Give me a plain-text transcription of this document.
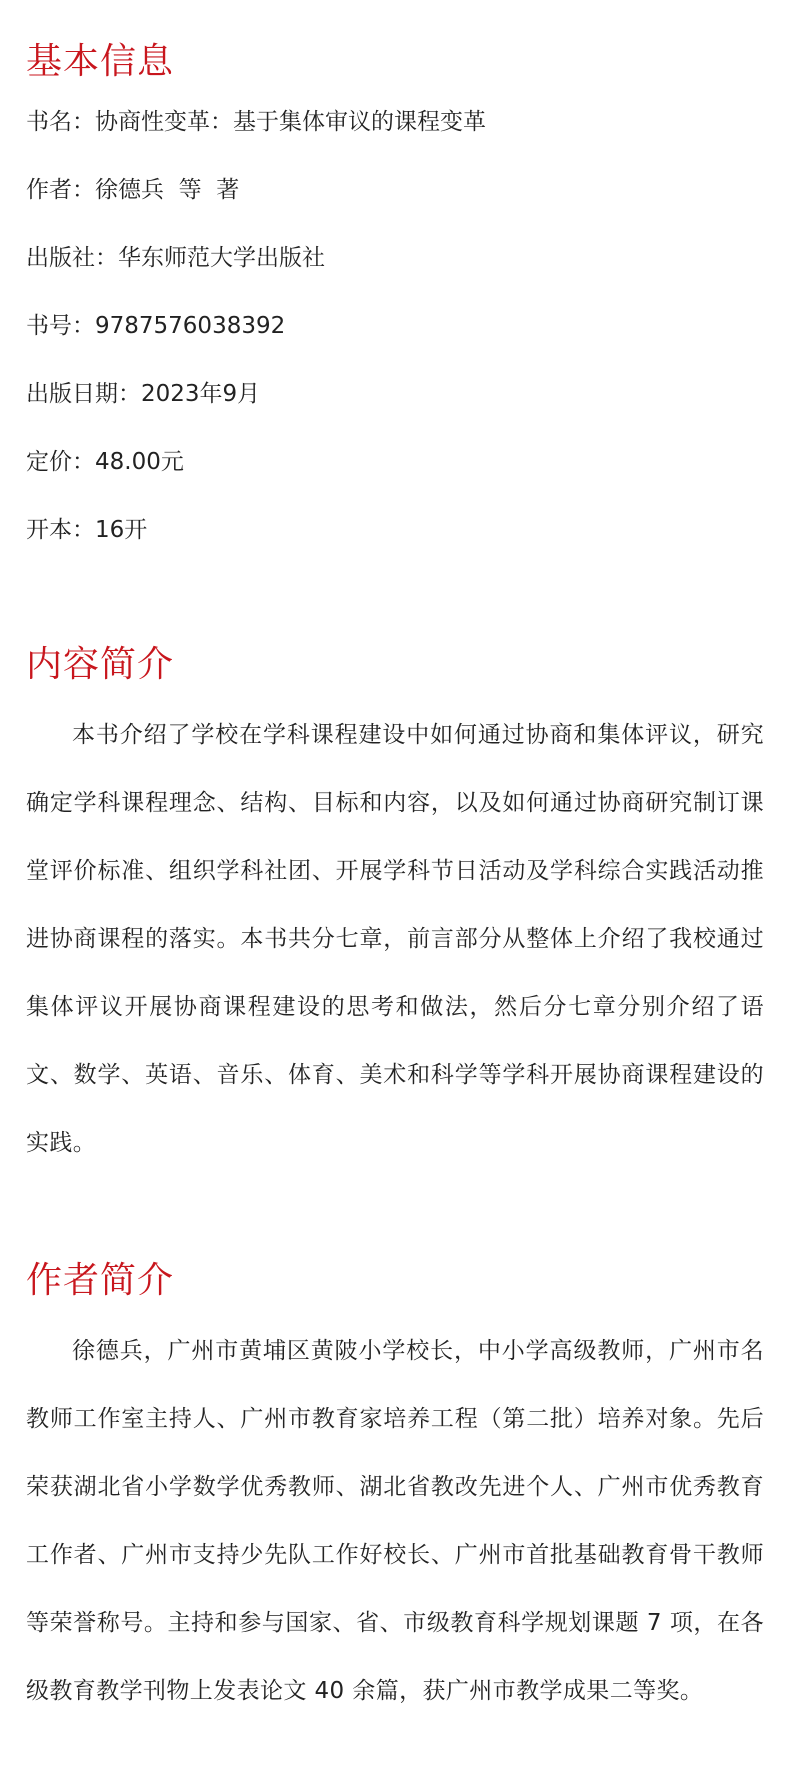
基本信息
书名：协商性变革：基于集体审议的课程变革
作者：徐德兵  等  著
出版社：华东师范大学出版社
书号：9787576038392
出版日期：2023年9月
定价：48.00元
开本：16开
内容简介

本书介绍了学校在学科课程建设中如何通过协商和集体评议，研究确定学科课程理念、结构、目标和内容，以及如何通过协商研究制订课堂评价标准、组织学科社团、开展学科节日活动及学科综合实践活动推进协商课程的落实。本书共分七章，前言部分从整体上介绍了我校通过集体评议开展协商课程建设的思考和做法，然后分七章分别介绍了语文、数学、英语、音乐、体育、美术和科学等学科开展协商课程建设的实践。

作者简介

徐德兵，广州市黄埔区黄陂小学校长，中小学高级教师，广州市名教师工作室主持人、广州市教育家培养工程（第二批）培养对象。先后荣获湖北省小学数学优秀教师、湖北省教改先进个人、广州市优秀教育工作者、广州市支持少先队工作好校长、广州市首批基础教育骨干教师等荣誉称号。主持和参与国家、省、市级教育科学规划课题 7 项，在各级教育教学刊物上发表论文 40 余篇，获广州市教学成果二等奖。
